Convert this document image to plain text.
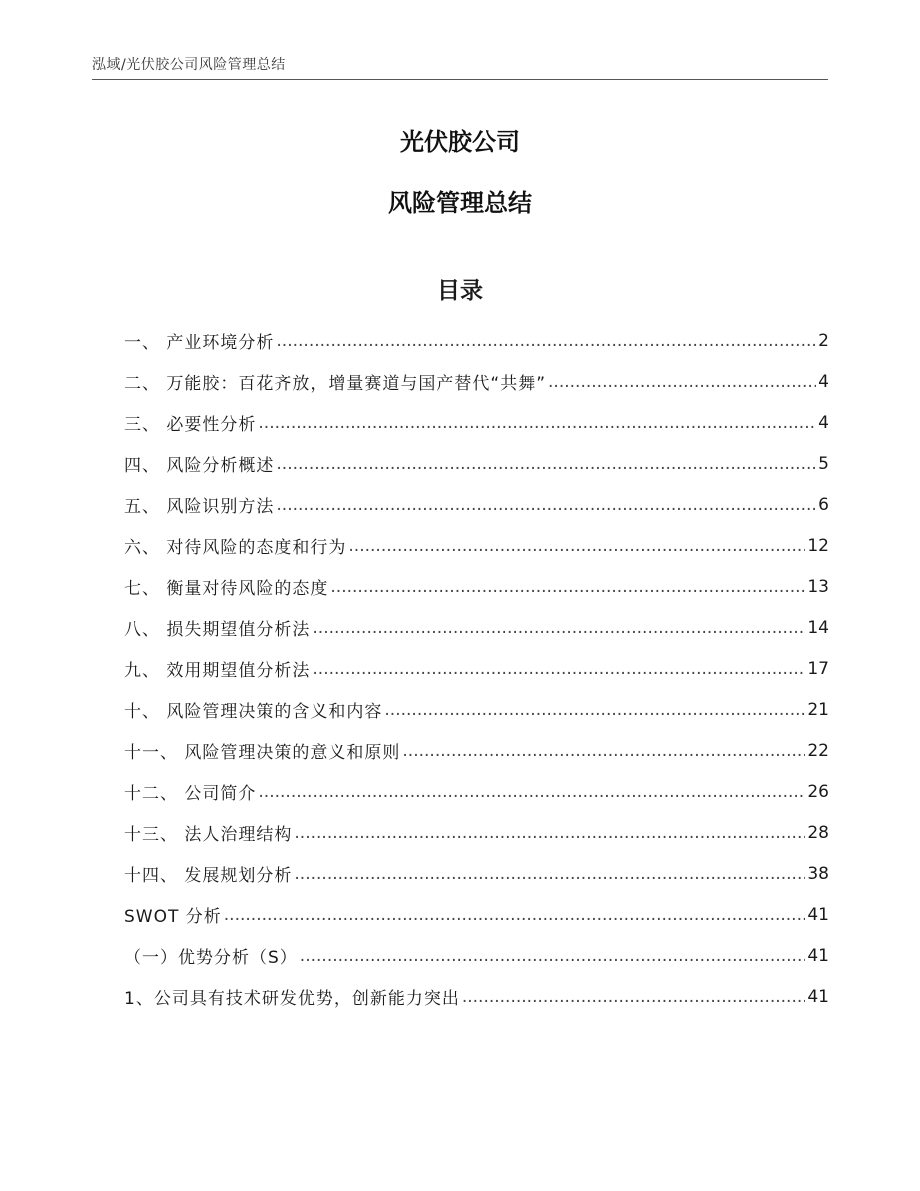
泓域/光伏胶公司风险管理总结
光伏胶公司
风险管理总结
目录
一、 产业环境分析 .....	2
二、 万能胶：百花齐放，增量赛道与国产替代“共舞” .....	4
三、 必要性分析 .....	4
四、 风险分析概述 .....	5
五、 风险识别方法 .....	6
六、 对待风险的态度和行为 .....	12
七、 衡量对待风险的态度 .....	13
八、 损失期望值分析法 .....	14
九、 效用期望值分析法 .....	17
十、 风险管理决策的含义和内容 .....	21
十一、 风险管理决策的意义和原则 .....	22
十二、 公司简介 .....	26
十三、 法人治理结构 .....	28
十四、 发展规划分析 .....	38
SWOT 分析 .....	41
（一）优势分析（S） .....	41
1、公司具有技术研发优势，创新能力突出 .....	41
